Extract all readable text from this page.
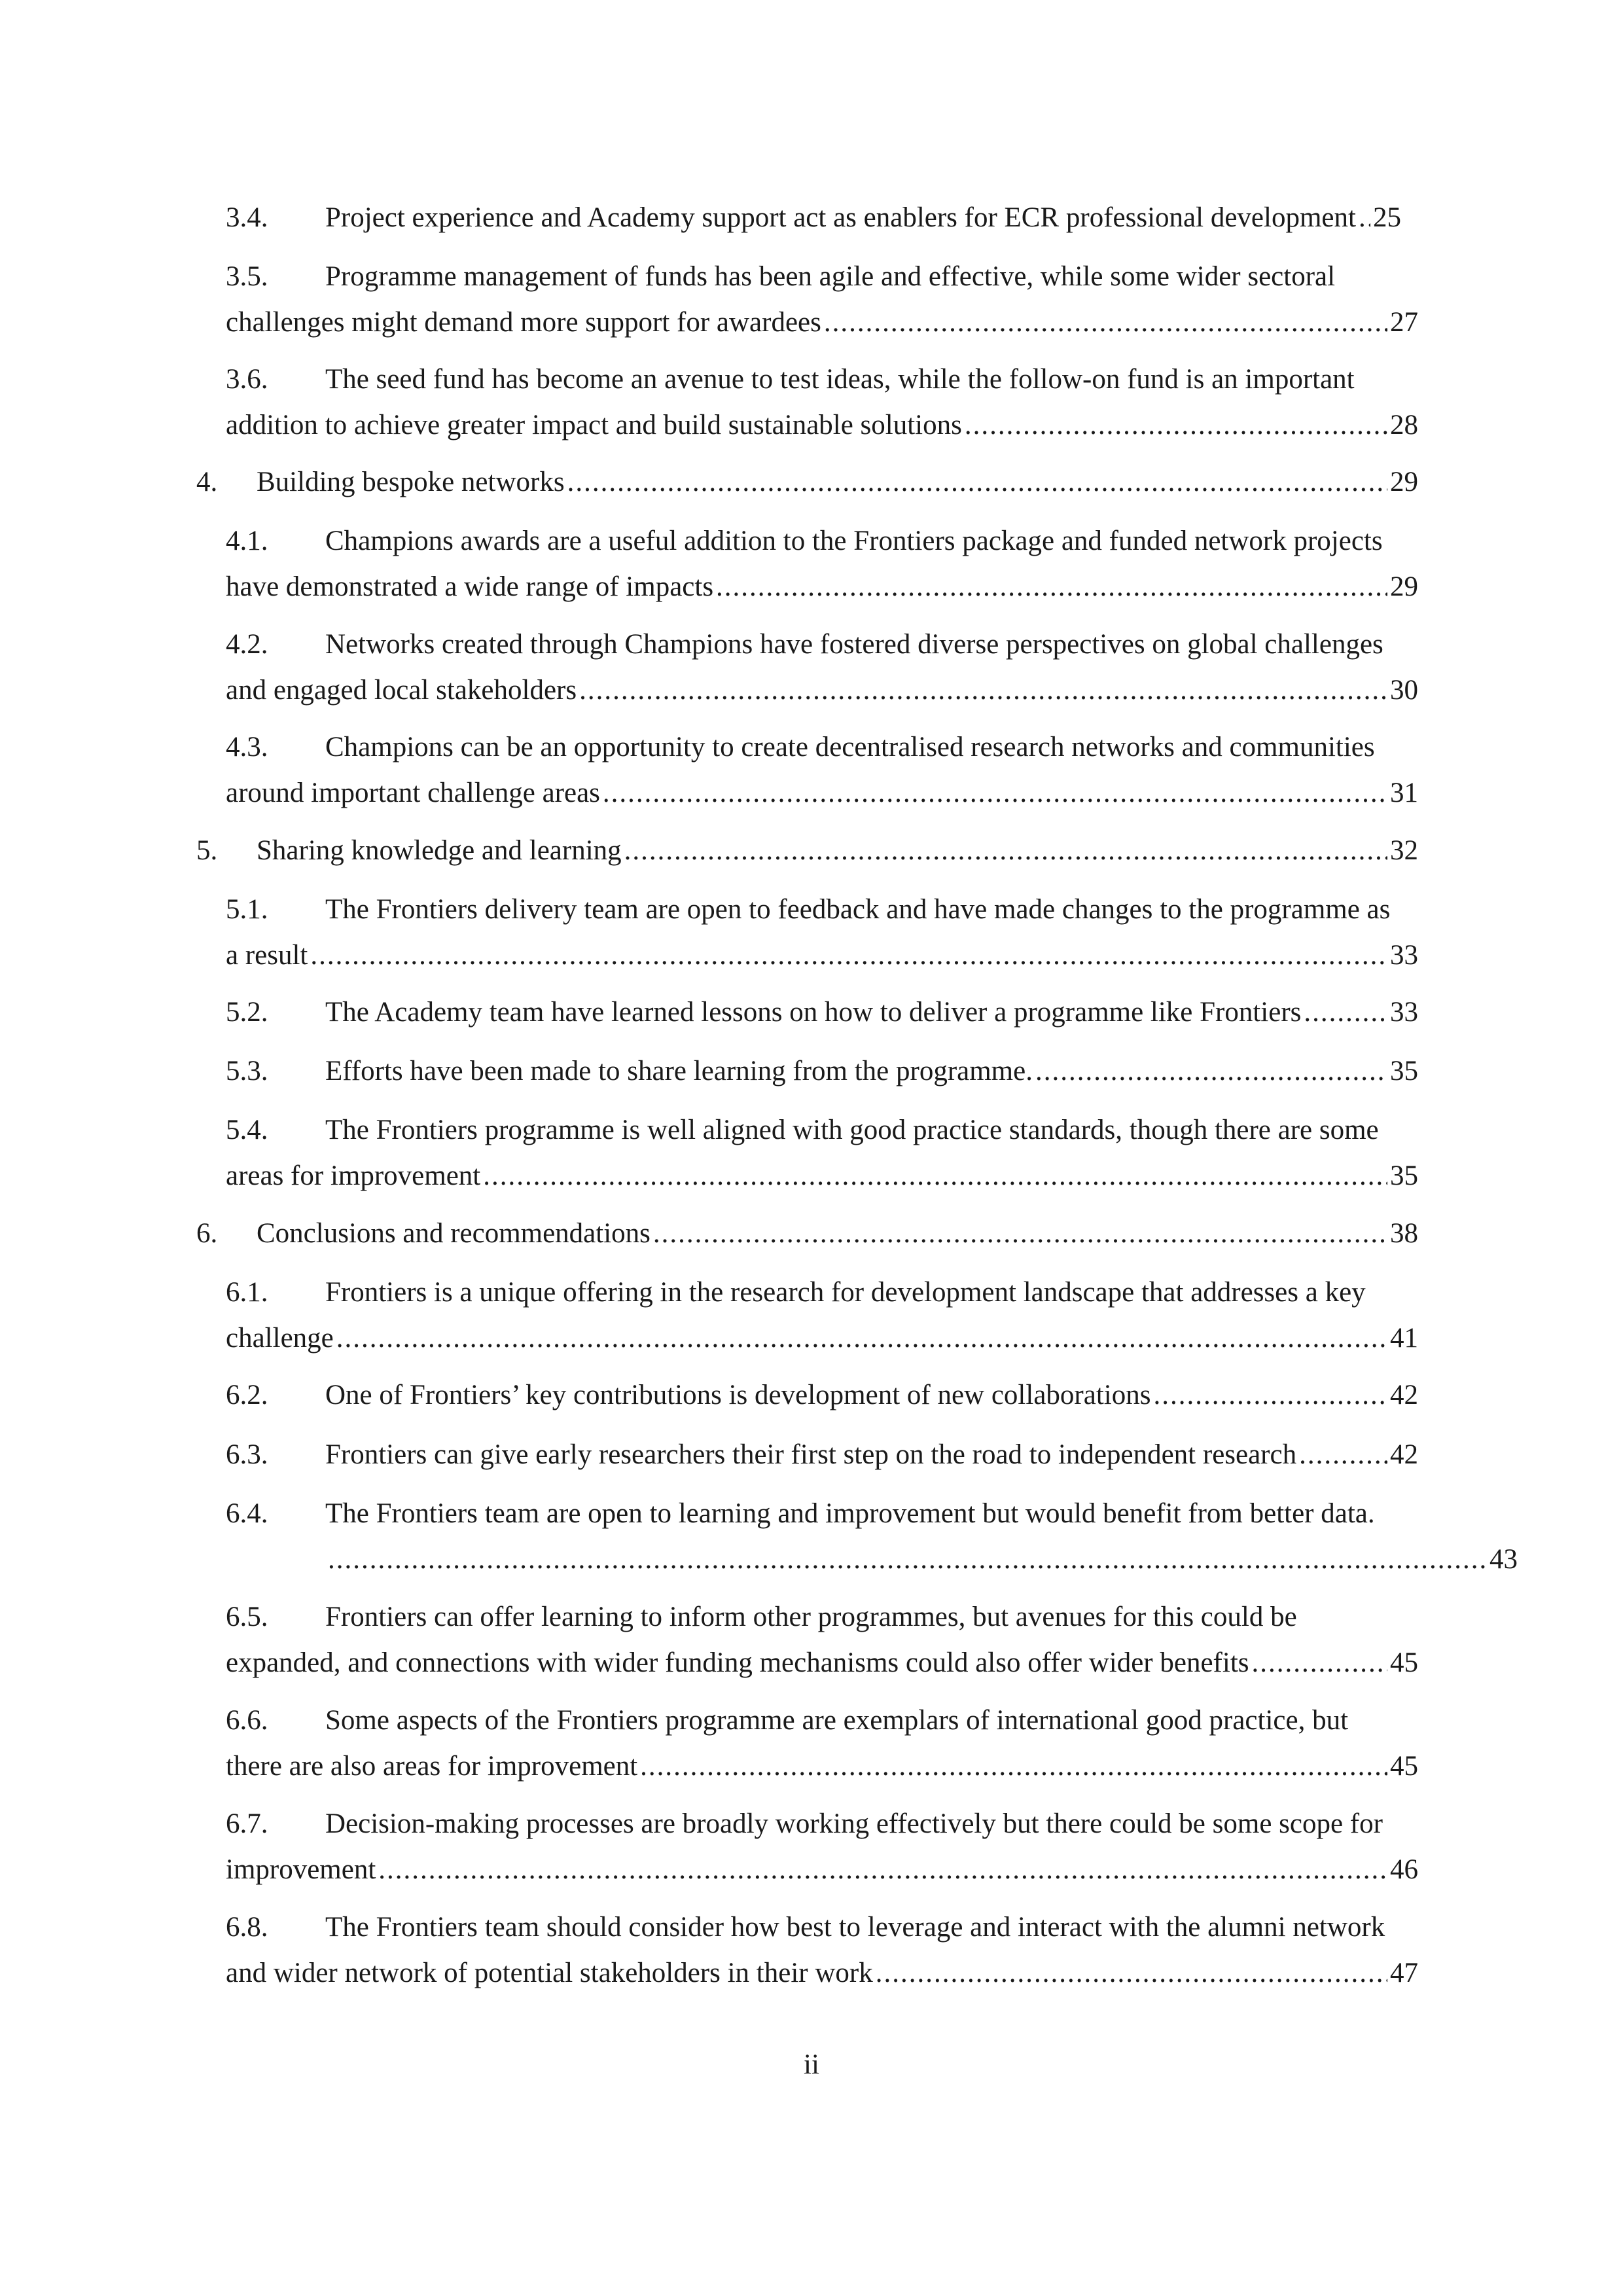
3.4. Project experience and Academy support act as enablers for ECR professional development ..... 25
3.5. Programme management of funds has been agile and effective, while some wider sectoral
challenges might demand more support for awardees .....	27
3.6. The seed fund has become an avenue to test ideas, while the follow-on fund is an important
addition to achieve greater impact and build sustainable solutions .....	28
4. Building bespoke networks .....	29
4.1. Champions awards are a useful addition to the Frontiers package and funded network projects
have demonstrated a wide range of impacts .....	29
4.2. Networks created through Champions have fostered diverse perspectives on global challenges
and engaged local stakeholders .....	30
4.3. Champions can be an opportunity to create decentralised research networks and communities
around important challenge areas .....	31
5. Sharing knowledge and learning .....	32
5.1. The Frontiers delivery team are open to feedback and have made changes to the programme as
a result .....	33
5.2. The Academy team have learned lessons on how to deliver a programme like Frontiers .....	33
5.3. Efforts have been made to share learning from the programme. .....	35
5.4. The Frontiers programme is well aligned with good practice standards, though there are some
areas for improvement .....	35
6. Conclusions and recommendations .....	38
6.1. Frontiers is a unique offering in the research for development landscape that addresses a key
challenge .....	41
6.2. One of Frontiers’ key contributions is development of new collaborations .....	42
6.3. Frontiers can give early researchers their first step on the road to independent research .....	42
6.4. The Frontiers team are open to learning and improvement but would benefit from better data.
.....
43
6.5. Frontiers can offer learning to inform other programmes, but avenues for this could be
expanded, and connections with wider funding mechanisms could also offer wider benefits .....	45
6.6. Some aspects of the Frontiers programme are exemplars of international good practice, but
there are also areas for improvement .....	45
6.7. Decision-making processes are broadly working effectively but there could be some scope for
improvement .....	46
6.8. The Frontiers team should consider how best to leverage and interact with the alumni network
and wider network of potential stakeholders in their work .....	47
ii
